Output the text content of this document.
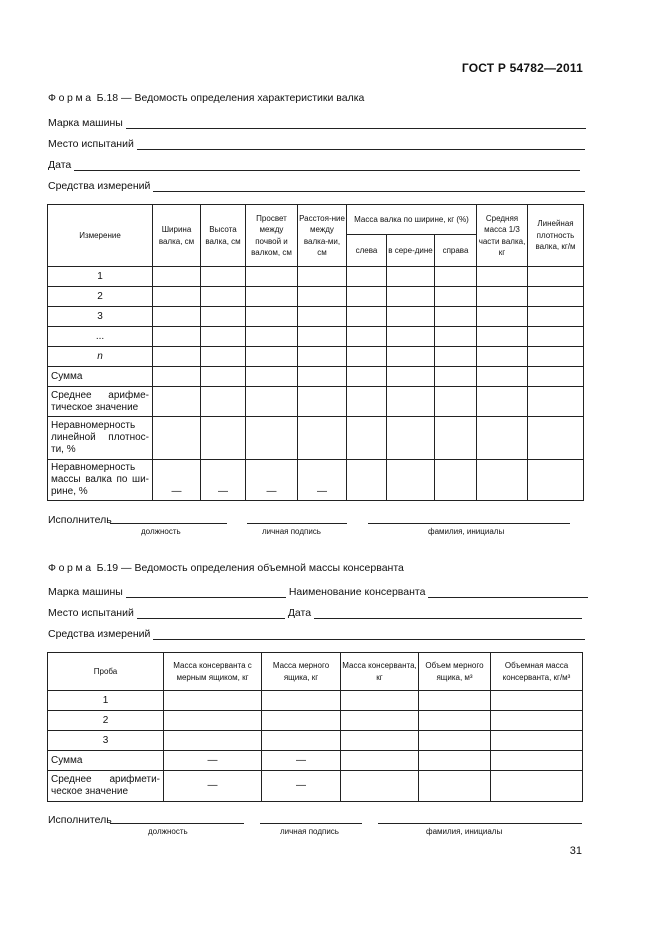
ГОСТ Р 54782—2011
Форма Б.18 — Ведомость определения характеристики валка
Марка машины
Место испытаний
Дата
Средства измерений
Измерение	Ширина валка, см	Высота валка, см	Просвет между почвой и валком, см	Расстоя-ние между валка-ми, см	Масса валка по ширине, кг (%)			Средняя масса 1/3 части валка, кг	Линейная плотность валка, кг/м
					слева	в сере-дине	справа		
1									
2									
3									
...									
n									
Сумма									
Среднее арифме-тическое значение									
Неравномерность линейной плотнос-ти, %									
Неравномерность массы валка по ши-рине, %	—	—	—	—					
Исполнитель
должность	личная подпись	фамилия, инициалы
Форма Б.19 — Ведомость определения объемной массы консерванта
Марка машины	Наименование консерванта
Место испытаний	Дата
Средства измерений
Проба	Масса консерванта с мерным ящиком, кг	Масса мерного ящика, кг	Масса консерванта, кг	Объем мерного ящика, м³	Объемная масса консерванта, кг/м³
1					
2					
3					
Сумма	—	—			
Среднее арифмети-ческое значение	—	—			
Исполнитель
должность	личная подпись	фамилия, инициалы
31
